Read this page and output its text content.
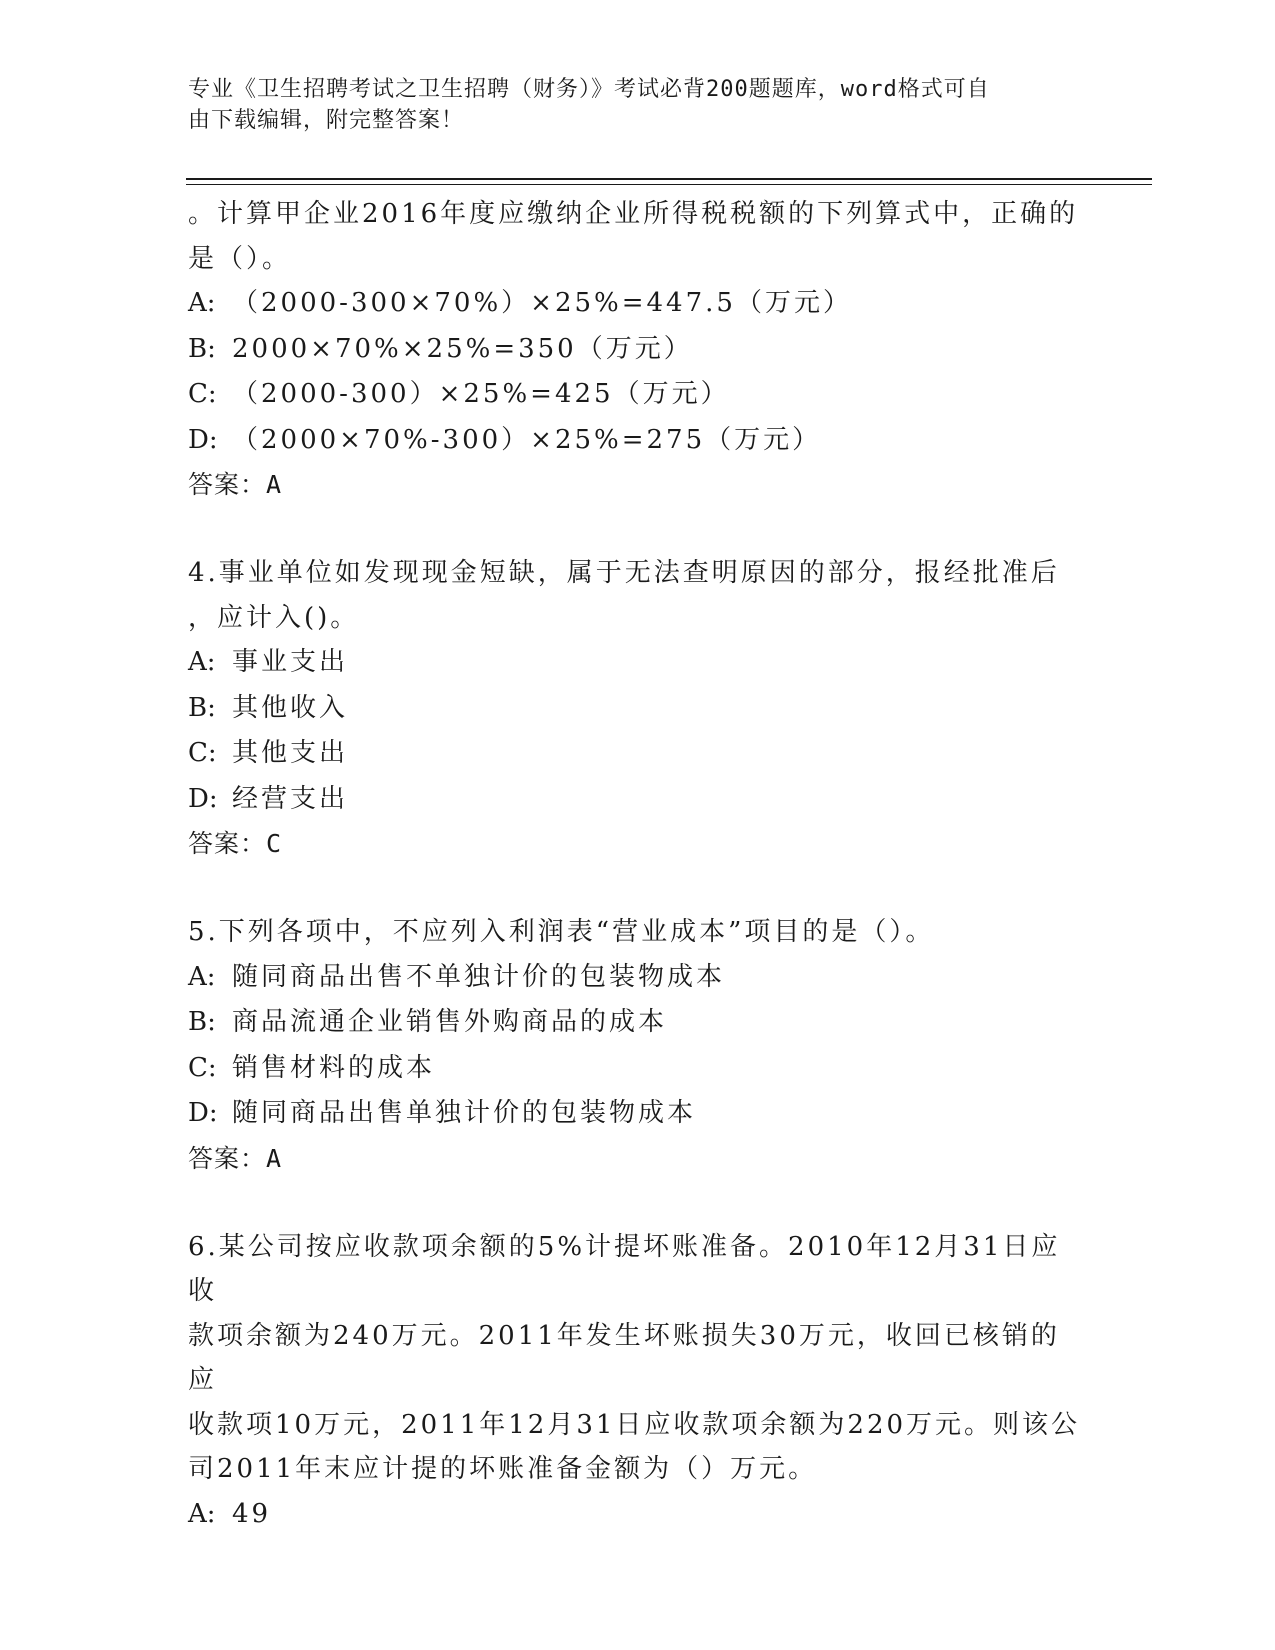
专业《卫生招聘考试之卫生招聘（财务）》考试必背200题题库，word格式可自
由下载编辑，附完整答案！
。计算甲企业2016年度应缴纳企业所得税税额的下列算式中，正确的
是（）。
A: （2000-300×70%）×25%=447.5（万元）
B: 2000×70%×25%=350（万元）
C: （2000-300）×25%=425（万元）
D: （2000×70%-300）×25%=275（万元）
答案：A
4.事业单位如发现现金短缺，属于无法查明原因的部分，报经批准后
，应计入()。
A: 事业支出
B: 其他收入
C: 其他支出
D: 经营支出
答案：C
5.下列各项中，不应列入利润表“营业成本”项目的是（）。
A: 随同商品出售不单独计价的包装物成本
B: 商品流通企业销售外购商品的成本
C: 销售材料的成本
D: 随同商品出售单独计价的包装物成本
答案：A
6.某公司按应收款项余额的5%计提坏账准备。2010年12月31日应收
款项余额为240万元。2011年发生坏账损失30万元，收回已核销的应
收款项10万元，2011年12月31日应收款项余额为220万元。则该公
司2011年末应计提的坏账准备金额为（）万元。
A: 49
